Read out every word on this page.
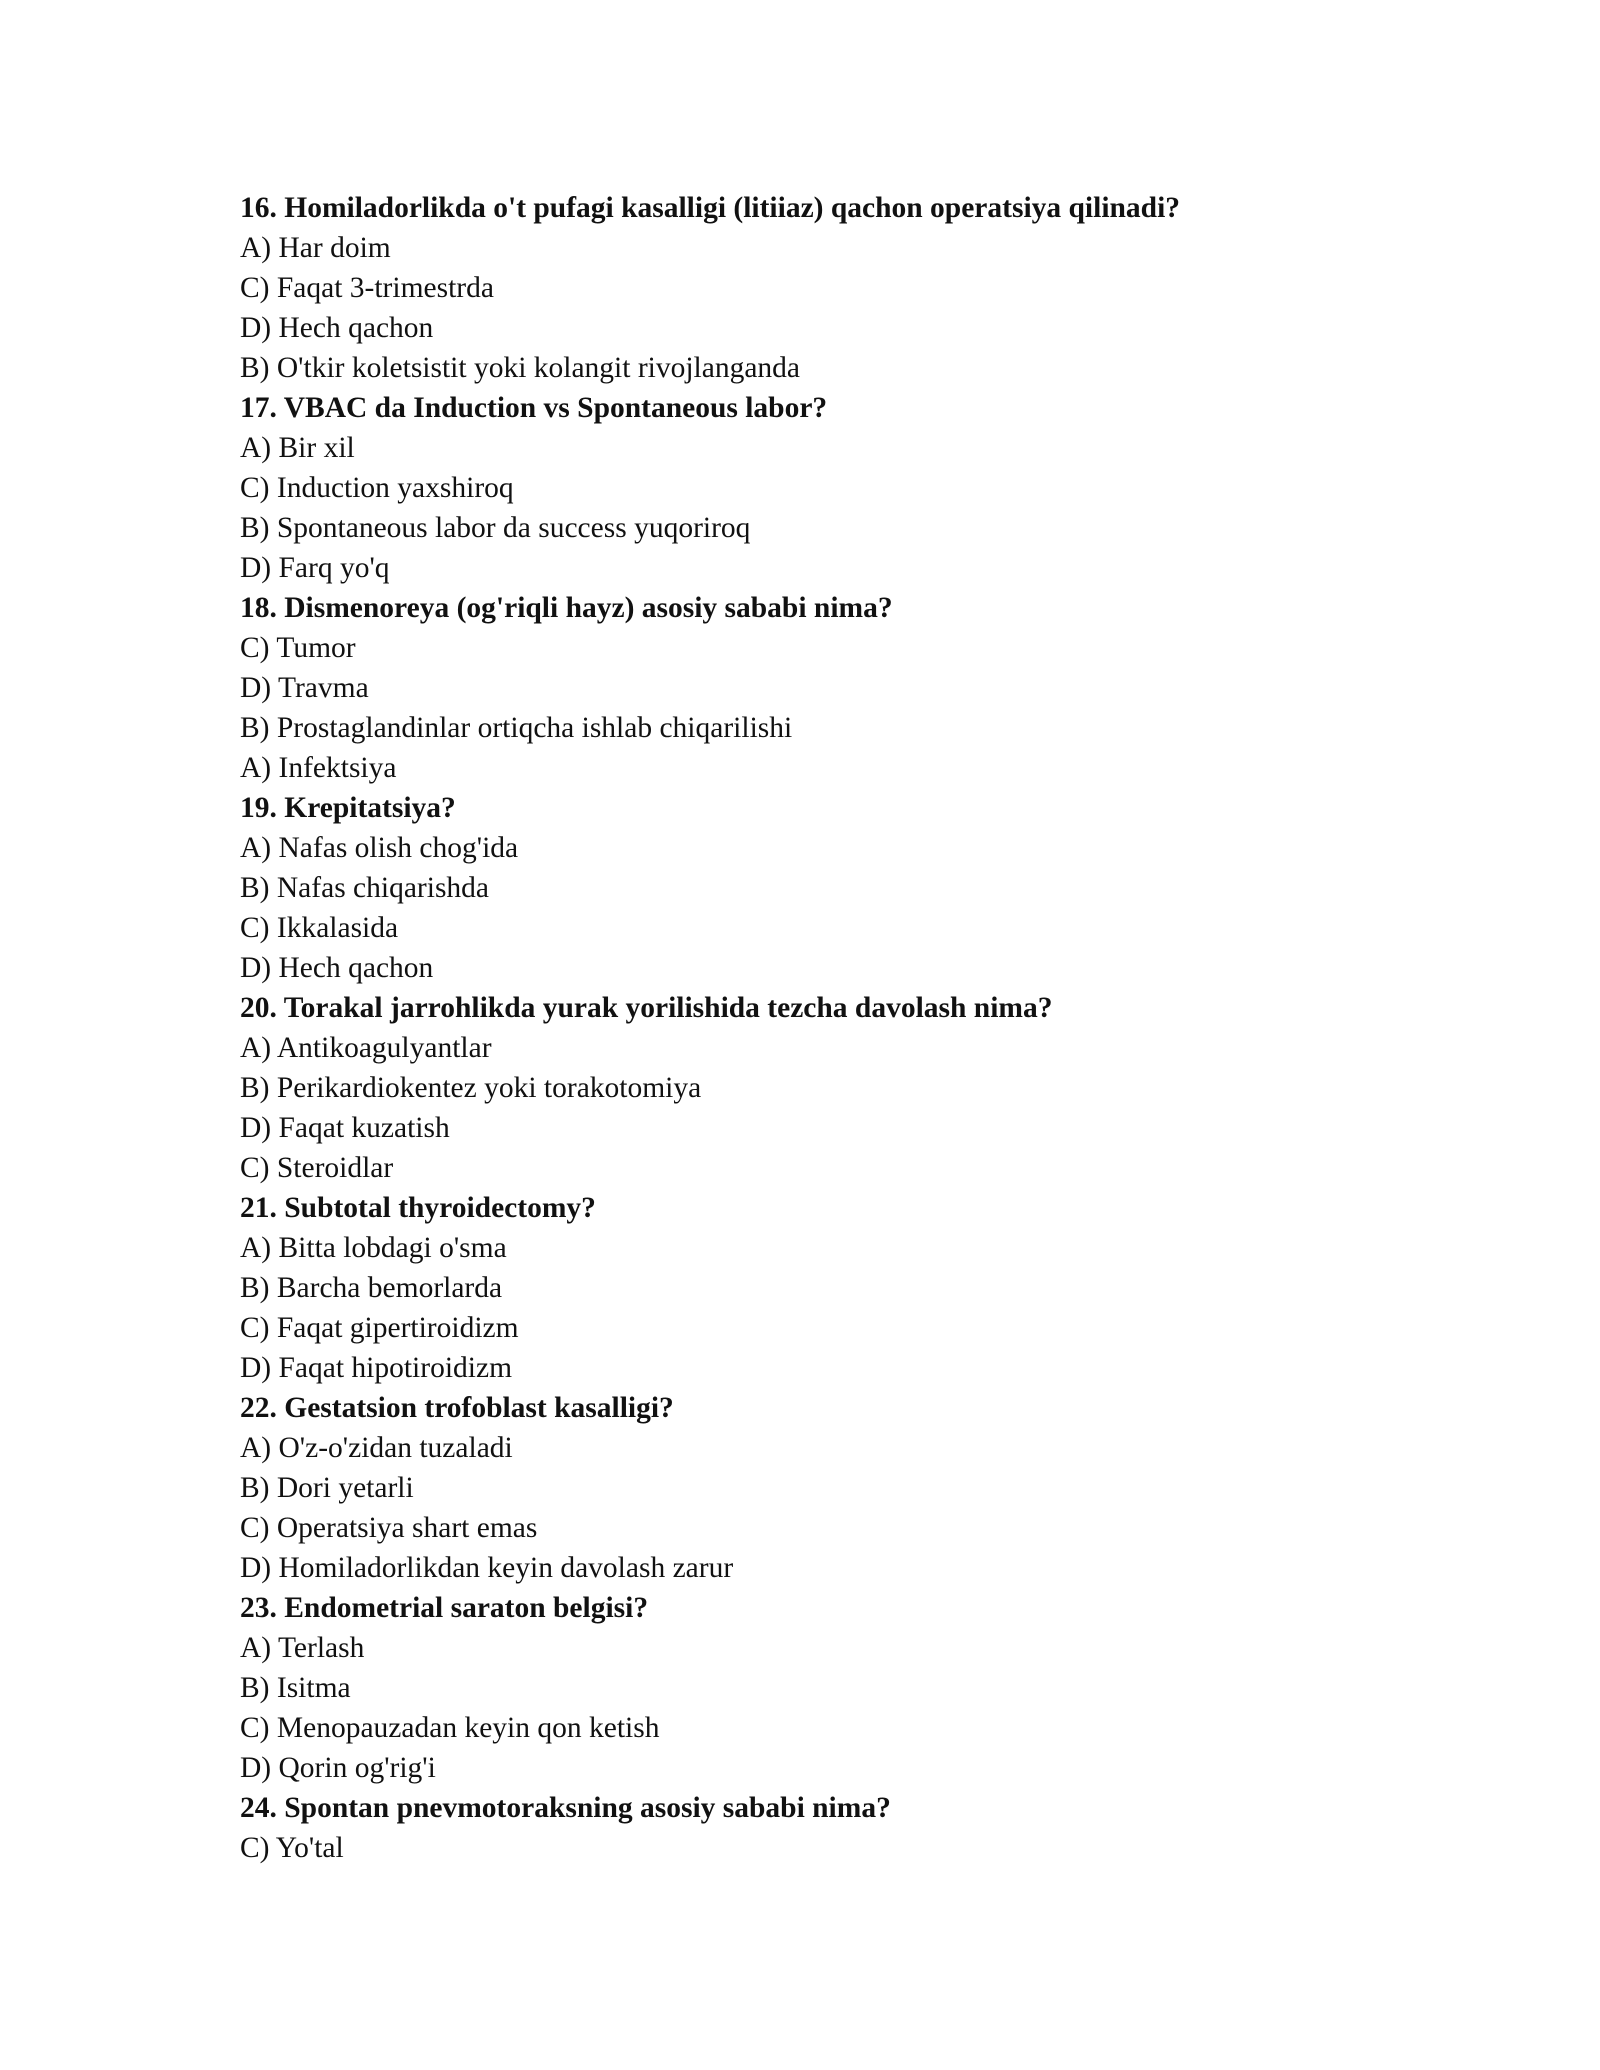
16. Homiladorlikda o't pufagi kasalligi (litiiaz) qachon operatsiya qilinadi?
A) Har doim
C) Faqat 3-trimestrda
D) Hech qachon
B) O'tkir koletsistit yoki kolangit rivojlanganda
17. VBAC da Induction vs Spontaneous labor?
A) Bir xil
C) Induction yaxshiroq
B) Spontaneous labor da success yuqoriroq
D) Farq yo'q
18. Dismenoreya (og'riqli hayz) asosiy sababi nima?
C) Tumor
D) Travma
B) Prostaglandinlar ortiqcha ishlab chiqarilishi
A) Infektsiya
19. Krepitatsiya?
A) Nafas olish chog'ida
B) Nafas chiqarishda
C) Ikkalasida
D) Hech qachon
20. Torakal jarrohlikda yurak yorilishida tezcha davolash nima?
A) Antikoagulyantlar
B) Perikardiokentez yoki torakotomiya
D) Faqat kuzatish
C) Steroidlar
21. Subtotal thyroidectomy?
A) Bitta lobdagi o'sma
B) Barcha bemorlarda
C) Faqat gipertiroidizm
D) Faqat hipotiroidizm
22. Gestatsion trofoblast kasalligi?
A) O'z-o'zidan tuzaladi
B) Dori yetarli
C) Operatsiya shart emas
D) Homiladorlikdan keyin davolash zarur
23. Endometrial saraton belgisi?
A) Terlash
B) Isitma
C) Menopauzadan keyin qon ketish
D) Qorin og'rig'i
24. Spontan pnevmotoraksning asosiy sababi nima?
C) Yo'tal
